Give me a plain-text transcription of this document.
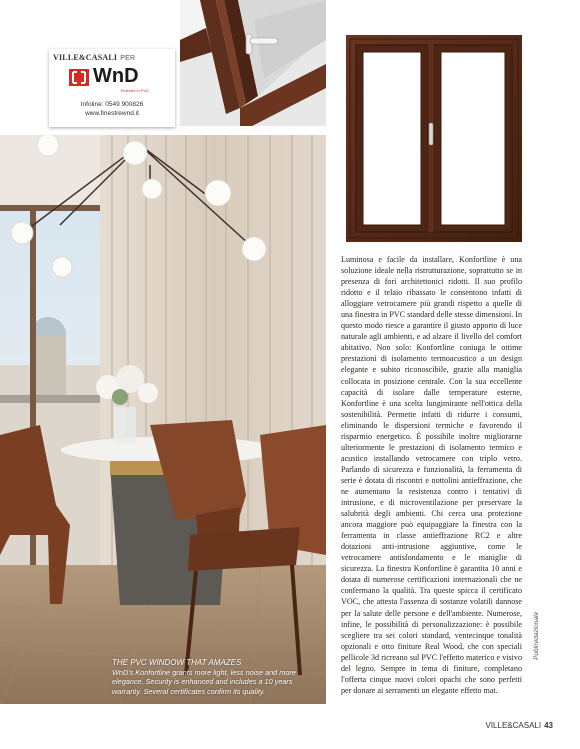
VILLE&CASALI PER
WnD
Finestre in PVC
Infoline: 0549 900826
www.finestrewnd.it
THE PVC WINDOW THAT AMAZES
WnD's Konfortline grants more light, less noise and more elegance. Security is enhanced and includes a 10 years warranty. Several certificates confirm its quality.
Luminosa e facile da installare, Konfortline è una soluzione ideale nella ristrutturazione, soprattutto se in presenza di fori architettonici ridotti. Il suo profilo ridotto e il telaio ribassato le consentono infatti di alloggiare vetrocamere più grandi rispetto a quelle di una finestra in PVC standard delle stesse dimensioni. In questo modo riesce a garantire il giusto apporto di luce naturale agli ambienti, e ad alzare il livello del comfort abitativo. Non solo: Konfortline coniuga le ottime prestazioni di isolamento termoacustico a un design elegante e subito riconoscibile, grazie alla maniglia collocata in posizione centrale. Con la sua eccellente capacità di isolare dalle temperature esterne, Konfortline è una scelta lungimirante nell'ottica della sostenibilità. Permette infatti di ridurre i consumi, eliminando le dispersioni termiche e favorendo il risparmio energetico. È possibile inoltre migliorarne ulteriormente le prestazioni di isolamento termico e acustico installando vetrocamere con triplo vetro. Parlando di sicurezza e funzionalità, la ferramenta di serie è dotata di riscontri e nottolini antieffrazione, che ne aumentano la resistenza contro i tentativi di intrusione, e di microventilazione per preservare la salubrità degli ambienti. Chi cerca una protezione ancora maggiore può equipaggiare la finestra con la ferramenta in classe antieffrazione RC2 e altre dotazioni anti-intrusione aggiuntive, come le vetrocamere antisfondamento e le maniglie di sicurezza. La finestra Konfortline è garantita 10 anni e dotata di numerose certificazioni internazionali che ne confermano la qualità. Tra queste spicca il certificato VOC, che attesta l'assenza di sostanze volatili dannose per la salute delle persone e dell'ambiente. Numerose, infine, le possibilità di personalizzazione: è possibile scegliere tra sei colori standard, ventecinque tonalità opzionali e otto finiture Real Wood, che con speciali pellicole 3d ricreano sul PVC l'effetto materico e visivo del legno. Sempre in tema di finiture, completano l'offerta cinque nuovi colori opachi che sono perfetti per donare ai serramenti un elegante effetto mat.
Publiredazionale
VILLE&CASALI 43
